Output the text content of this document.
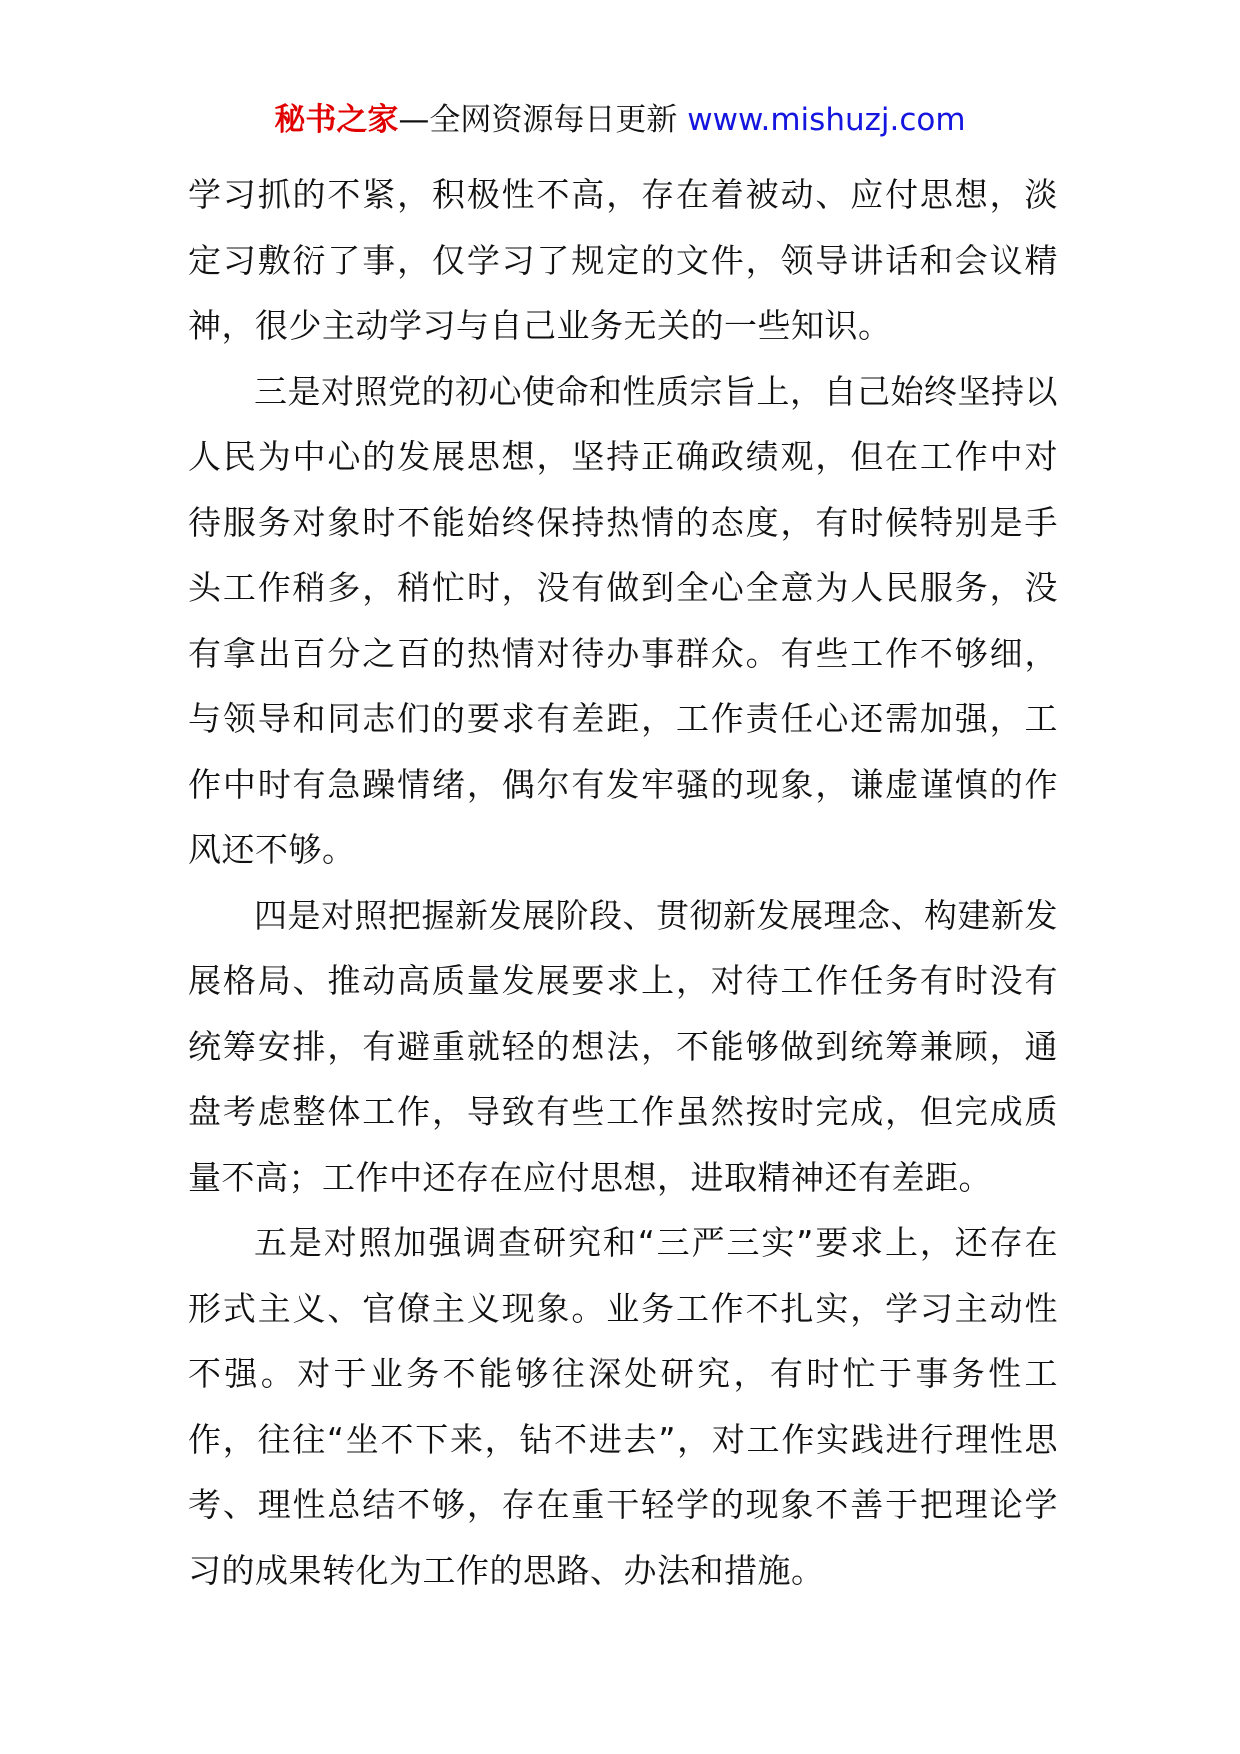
秘书之家—全网资源每日更新 www.mishuzj.com

学习抓的不紧，积极性不高，存在着被动、应付思想，淡定习敷衍了事，仅学习了规定的文件，领导讲话和会议精神，很少主动学习与自己业务无关的一些知识。

三是对照党的初心使命和性质宗旨上，自己始终坚持以人民为中心的发展思想，坚持正确政绩观，但在工作中对待服务对象时不能始终保持热情的态度，有时候特别是手头工作稍多，稍忙时，没有做到全心全意为人民服务，没有拿出百分之百的热情对待办事群众。有些工作不够细，与领导和同志们的要求有差距，工作责任心还需加强，工作中时有急躁情绪，偶尔有发牢骚的现象，谦虚谨慎的作风还不够。

四是对照把握新发展阶段、贯彻新发展理念、构建新发展格局、推动高质量发展要求上，对待工作任务有时没有统筹安排，有避重就轻的想法，不能够做到统筹兼顾，通盘考虑整体工作，导致有些工作虽然按时完成，但完成质量不高；工作中还存在应付思想，进取精神还有差距。

五是对照加强调查研究和“三严三实”要求上，还存在形式主义、官僚主义现象。业务工作不扎实，学习主动性不强。对于业务不能够往深处研究，有时忙于事务性工作，往往“坐不下来，钻不进去”，对工作实践进行理性思考、理性总结不够，存在重干轻学的现象不善于把理论学习的成果转化为工作的思路、办法和措施。
